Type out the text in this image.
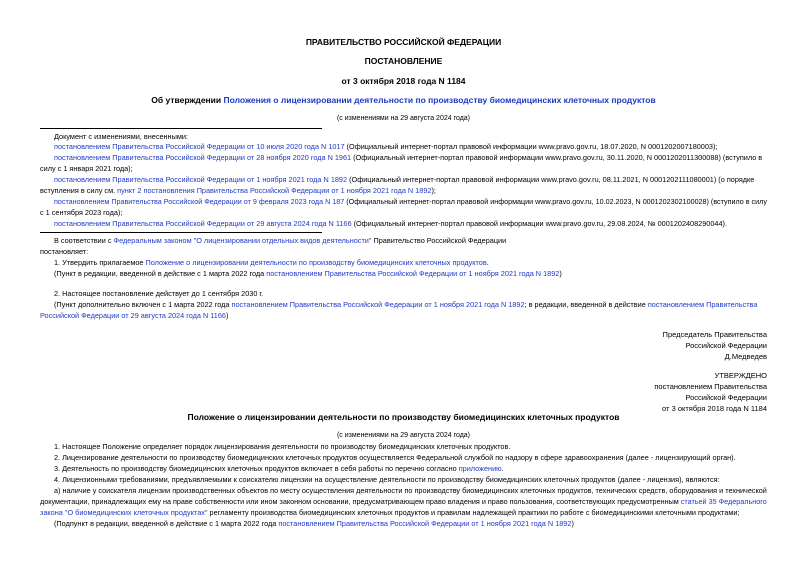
ПРАВИТЕЛЬСТВО РОССИЙСКОЙ ФЕДЕРАЦИИ
ПОСТАНОВЛЕНИЕ
от 3 октября 2018 года N 1184
Об утверждении Положения о лицензировании деятельности по производству биомедицинских клеточных продуктов
(с изменениями на 29 августа 2024 года)
Документ с изменениями, внесенными:
постановлением Правительства Российской Федерации от 10 июля 2020 года N 1017 (Официальный интернет-портал правовой информации www.pravo.gov.ru, 18.07.2020, N 0001202007180003);
постановлением Правительства Российской Федерации от 28 ноября 2020 года N 1961 (Официальный интернет-портал правовой информации www.pravo.gov.ru, 30.11.2020, N 0001202011300088) (вступило в
силу с 1 января 2021 года);
постановлением Правительства Российской Федерации от 1 ноября 2021 года N 1892 (Официальный интернет-портал правовой информации www.pravo.gov.ru, 08.11.2021, N 0001202111080001) (о порядке
вступления в силу см. пункт 2 постановления Правительства Российской Федерации от 1 ноября 2021 года N 1892);
постановлением Правительства Российской Федерации от 9 февраля 2023 года N 187 (Официальный интернет-портал правовой информации www.pravo.gov.ru, 10.02.2023, N 0001202302100028) (вступило в силу
с 1 сентября 2023 года);
постановлением Правительства Российской Федерации от 29 августа 2024 года N 1166 (Официальный интернет-портал правовой информации www.pravo.gov.ru, 29.08.2024, № 0001202408290044).
В соответствии с Федеральным законом "О лицензировании отдельных видов деятельности" Правительство Российской Федерации
постановляет:
1. Утвердить прилагаемое Положение о лицензировании деятельности по производству биомедицинских клеточных продуктов.
(Пункт в редакции, введенной в действие с 1 марта 2022 года постановлением Правительства Российской Федерации от 1 ноября 2021 года N 1892)
2. Настоящее постановление действует до 1 сентября 2030 г.
(Пункт дополнительно включен с 1 марта 2022 года постановлением Правительства Российской Федерации от 1 ноября 2021 года N 1892; в редакции, введенной в действие постановлением Правительства
Российской Федерации от 29 августа 2024 года N 1166)
Председатель Правительства
Российской Федерации
Д.Медведев
УТВЕРЖДЕНО
постановлением Правительства
Российской Федерации
от 3 октября 2018 года N 1184
Положение о лицензировании деятельности по производству биомедицинских клеточных продуктов
(с изменениями на 29 августа 2024 года)
1. Настоящее Положение определяет порядок лицензирования деятельности по производству биомедицинских клеточных продуктов.
2. Лицензирование деятельности по производству биомедицинских клеточных продуктов осуществляется Федеральной службой по надзору в сфере здравоохранения (далее - лицензирующий орган).
3. Деятельность по производству биомедицинских клеточных продуктов включает в себя работы по перечню согласно приложению.
4. Лицензионными требованиями, предъявляемыми к соискателю лицензии на осуществление деятельности по производству биомедицинских клеточных продуктов (далее - лицензия), являются:
а) наличие у соискателя лицензии производственных объектов по месту осуществления деятельности по производству биомедицинских клеточных продуктов, технических средств, оборудования и технической
документации, принадлежащих ему на праве собственности или ином законном основании, предусматривающем право владения и право пользования, соответствующих предусмотренным статьей 35 Федерального
закона "О биомедицинских клеточных продуктах" регламенту производства биомедицинских клеточных продуктов и правилам надлежащей практики по работе с биомедицинскими клеточными продуктами;
(Подпункт в редакции, введенной в действие с 1 марта 2022 года постановлением Правительства Российской Федерации от 1 ноября 2021 года N 1892)
